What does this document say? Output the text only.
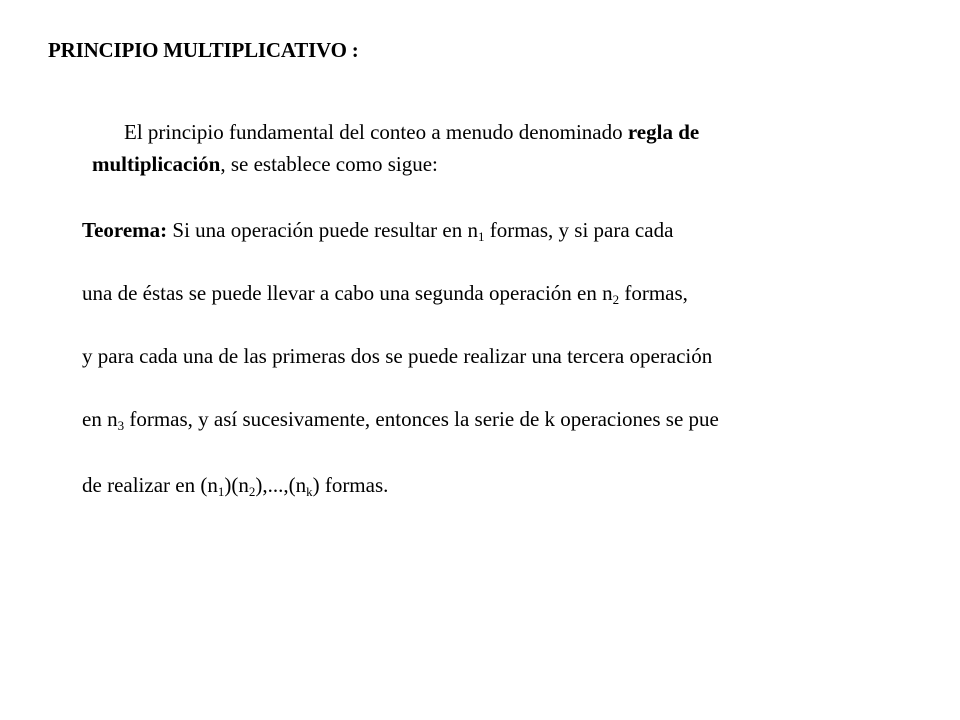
PRINCIPIO MULTIPLICATIVO :
El principio fundamental del conteo a menudo denominado regla de
multiplicación, se establece como sigue:
Teorema: Si una operación puede resultar en $n_1$ formas, y si para cada
una de éstas se puede llevar a cabo una segunda operación en $n_2$ formas,
y para cada una de las primeras dos se puede realizar una tercera operación
en $n_3$ formas, y así sucesivamente, entonces la serie de k operaciones se pue
de realizar en $(n_1)(n_2),...,(n_k)$ formas.
